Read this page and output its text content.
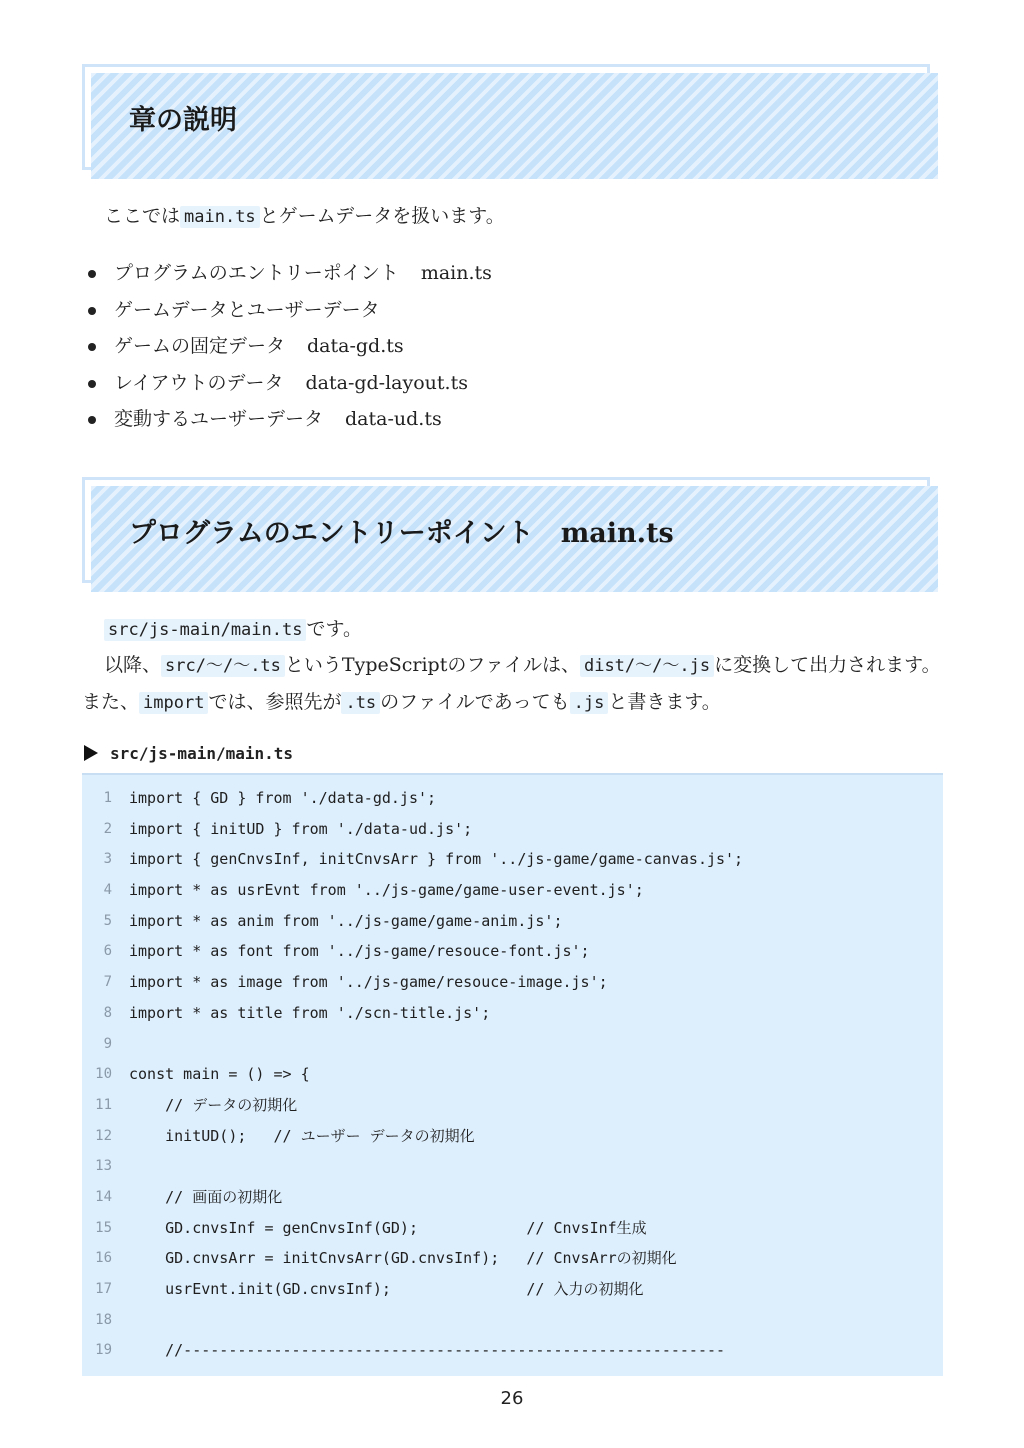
章の説明

ここでは main.ts とゲームデータを扱います。

プログラムのエントリーポイント main.ts
ゲームデータとユーザーデータ
ゲームの固定データ data-gd.ts
レイアウトのデータ data-gd-layout.ts
変動するユーザーデータ data-ud.ts
プログラムのエントリーポイント　main.ts

src/js-main/main.ts です。

以降、 src/〜/〜.ts というTypeScriptのファイルは、 dist/〜/〜.js に変換して出力されます。また、 import では、参照先が .ts のファイルであっても .js と書きます。

src/js-main/main.ts
1 import { GD } from './data-gd.js';
2 import { initUD } from './data-ud.js';
3 import { genCnvsInf, initCnvsArr } from '../js-game/game-canvas.js';
4 import * as usrEvnt from '../js-game/game-user-event.js';
5 import * as anim from '../js-game/game-anim.js';
6 import * as font from '../js-game/resouce-font.js';
7 import * as image from '../js-game/resouce-image.js';
8 import * as title from './scn-title.js';
9
10 const main = () => {
11 // データの初期化
12 initUD();   // ユーザー データの初期化
13
14 // 画面の初期化
15 GD.cnvsInf = genCnvsInf(GD);            // CnvsInf生成
16 GD.cnvsArr = initCnvsArr(GD.cnvsInf);   // CnvsArrの初期化
17 usrEvnt.init(GD.cnvsInf);               // 入力の初期化
18
19 //------------------------------------------------------------
26
